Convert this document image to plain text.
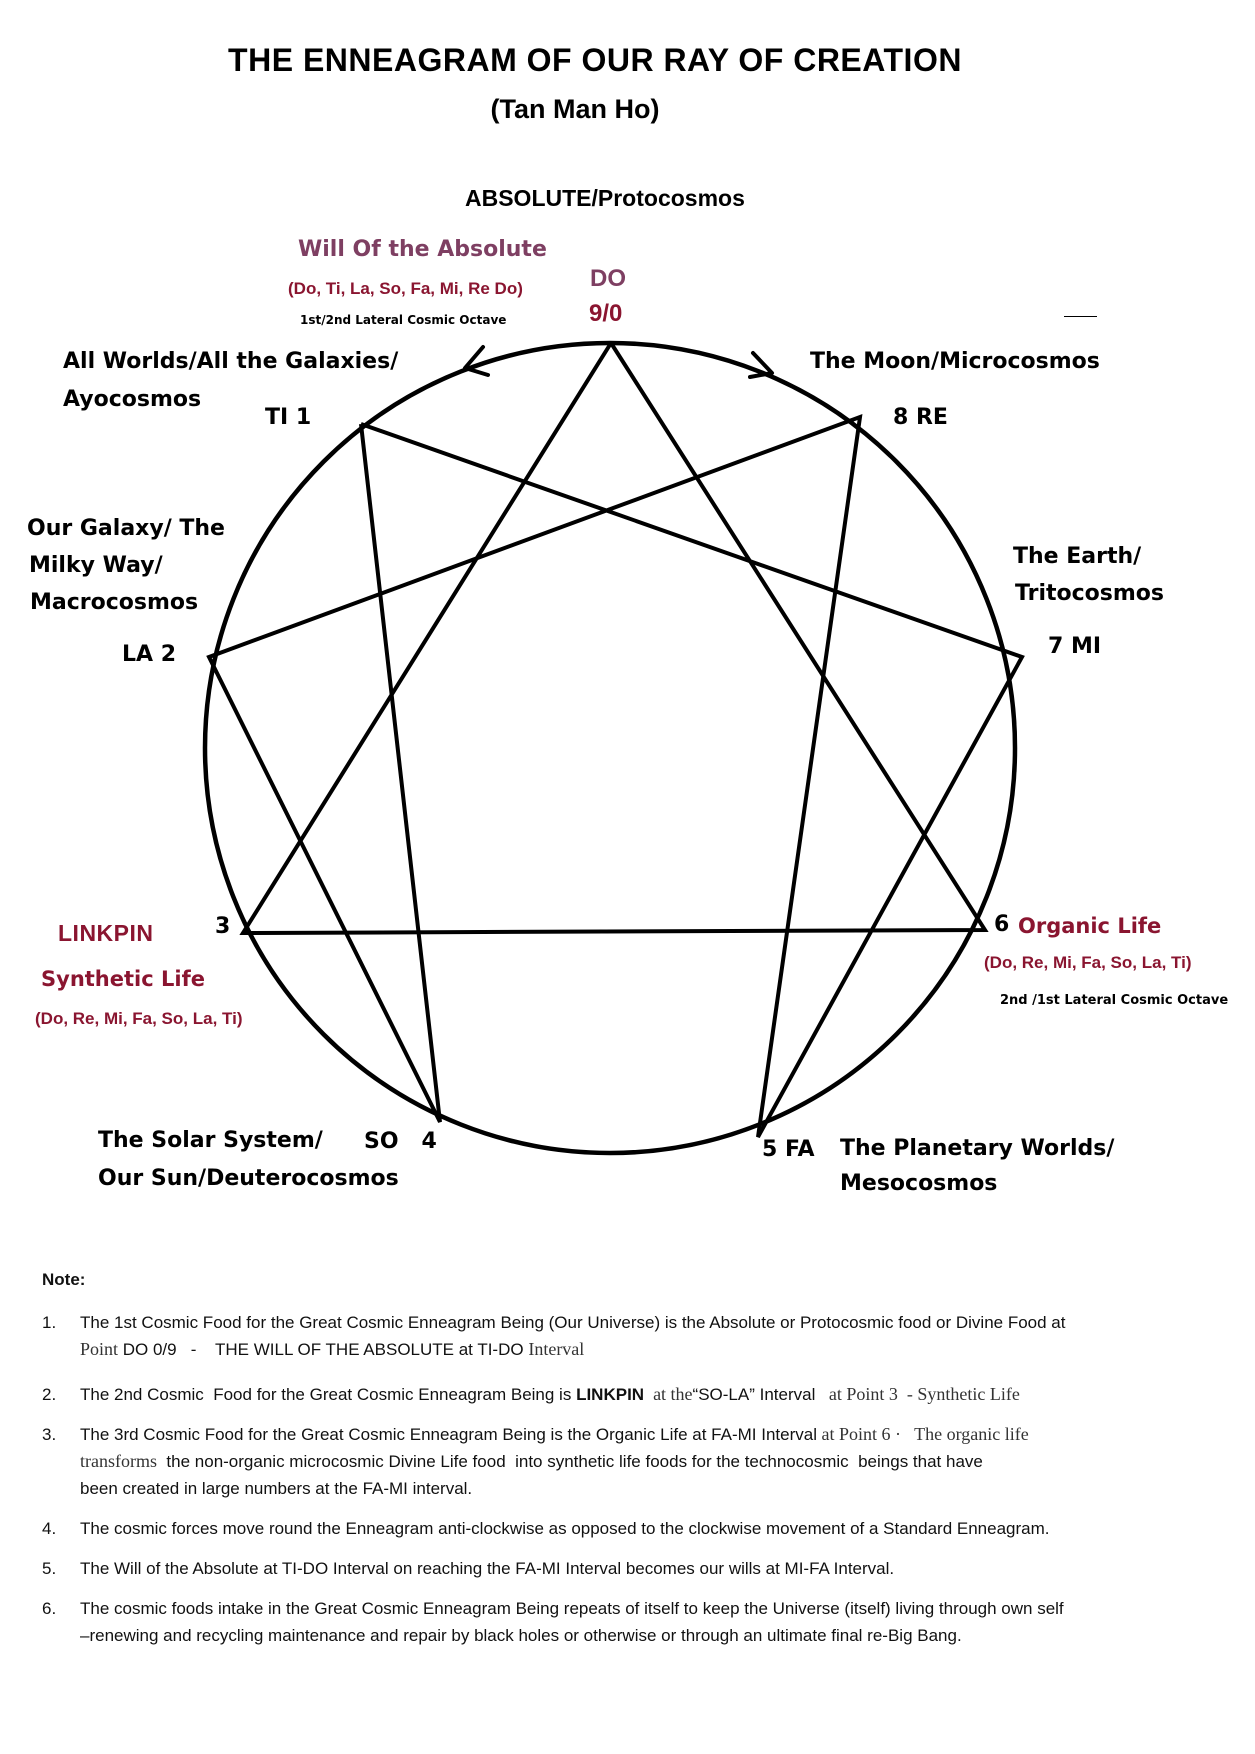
THE ENNEAGRAM OF OUR RAY OF CREATION
(Tan Man Ho)
ABSOLUTE/Protocosmos
Will Of the Absolute
(Do, Ti, La, So, Fa, Mi, Re Do)
1st/2nd Lateral Cosmic Octave
DO
9/0
All Worlds/All the Galaxies/
Ayocosmos
TI 1
The Moon/Microcosmos
8 RE
Our Galaxy/ The
Milky Way/
Macrocosmos
LA 2
The Earth/
Tritocosmos
7 MI
LINKPIN	3
Synthetic Life
(Do, Re, Mi, Fa, So, La, Ti)
6 Organic Life
(Do, Re, Mi, Fa, So, La, Ti)
2nd /1st Lateral Cosmic Octave
The Solar System/
Our Sun/Deuterocosmos
SO   4	5 FA The Planetary Worlds/
Mesocosmos
Note:
1. The 1st Cosmic Food for the Great Cosmic Enneagram Being (Our Universe) is the Absolute or Protocosmic food or Divine Food at
Point DO 0/9   -    THE WILL OF THE ABSOLUTE at TI-DO Interval
2. The 2nd Cosmic  Food for the Great Cosmic Enneagram Being is LINKPIN  at the“SO-LA” Interval   at Point 3  - Synthetic Life
3. The 3rd Cosmic Food for the Great Cosmic Enneagram Being is the Organic Life at FA-MI Interval at Point 6 ·   The organic life
transforms  the non-organic microcosmic Divine Life food  into synthetic life foods for the technocosmic  beings that have
been created in large numbers at the FA-MI interval.
4. The cosmic forces move round the Enneagram anti-clockwise as opposed to the clockwise movement of a Standard Enneagram.
5. The Will of the Absolute at TI-DO Interval on reaching the FA-MI Interval becomes our wills at MI-FA Interval.
6. The cosmic foods intake in the Great Cosmic Enneagram Being repeats of itself to keep the Universe (itself) living through own self
–renewing and recycling maintenance and repair by black holes or otherwise or through an ultimate final re-Big Bang.
